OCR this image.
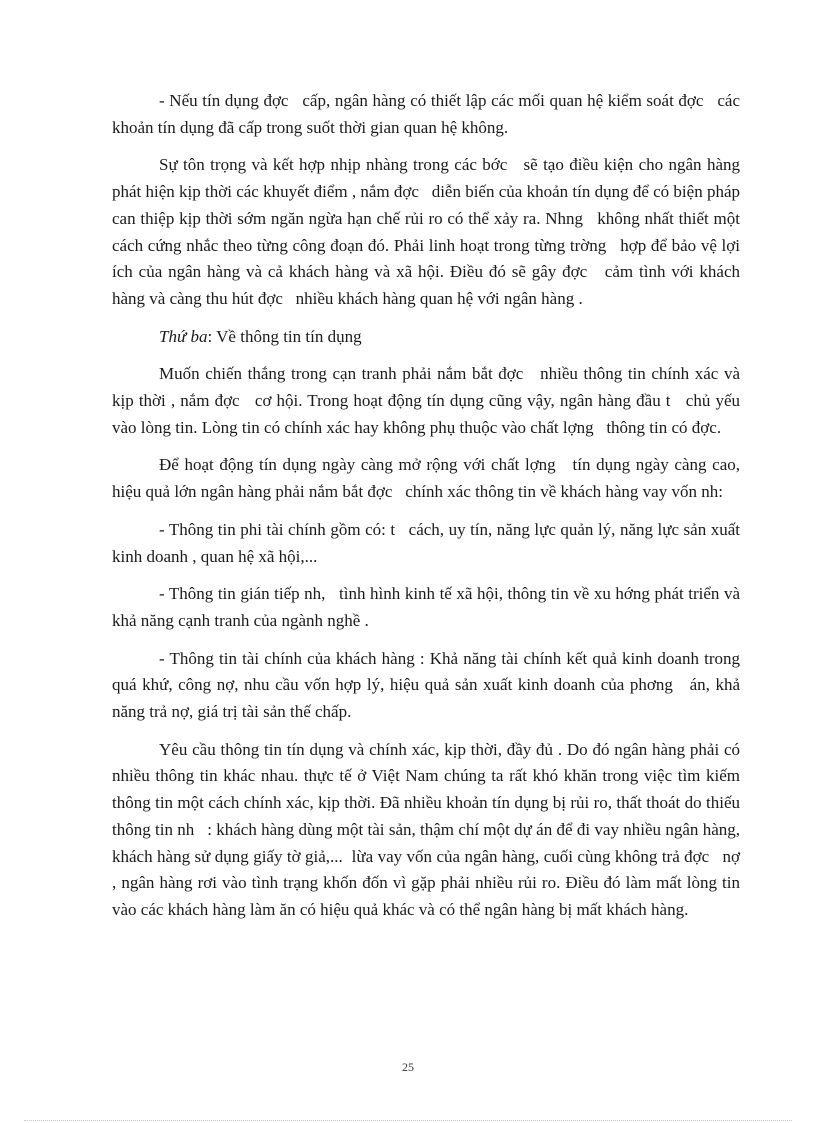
- Nếu tín dụng đợc   cấp, ngân hàng có thiết lập các mối quan hệ kiểm soát đợc   các khoản tín dụng đã cấp trong suốt thời gian quan hệ không.

Sự tôn trọng và kết hợp nhịp nhàng trong các bớc   sẽ tạo điều kiện cho ngân hàng phát hiện kịp thời các khuyết điểm , nắm đợc   diễn biến của khoản tín dụng để có biện pháp can thiệp kịp thời sớm ngăn ngừa hạn chế rủi ro có thể xảy ra. Nhng   không nhất thiết một cách cứng nhắc theo từng công đoạn đó. Phải linh hoạt trong từng trờng   hợp để bảo vệ lợi ích của ngân hàng và cả khách hàng và xã hội. Điều đó sẽ gây đợc   cảm tình với khách hàng và càng thu hút đợc   nhiều khách hàng quan hệ với ngân hàng .

Thứ ba: Về thông tin tín dụng

Muốn chiến thắng trong cạn tranh phải nắm bắt đợc   nhiều thông tin chính xác và kịp thời , nắm đợc   cơ hội. Trong hoạt động tín dụng cũng vậy, ngân hàng đầu t   chủ yếu vào lòng tin. Lòng tin có chính xác hay không phụ thuộc vào chất lợng   thông tin có đợc.

Để hoạt động tín dụng ngày càng mở rộng với chất lợng   tín dụng ngày càng cao, hiệu quả lớn ngân hàng phải nắm bắt đợc   chính xác thông tin về khách hàng vay vốn nh:

- Thông tin phi tài chính gồm có: t   cách, uy tín, năng lực quản lý, năng lực sản xuất kinh doanh , quan hệ xã hội,...

- Thông tin gián tiếp nh,   tình hình kinh tế xã hội, thông tin về xu hớng phát triển và khả năng cạnh tranh của ngành nghề .

- Thông tin tài chính của khách hàng : Khả năng tài chính kết quả kinh doanh trong quá khứ, công nợ, nhu cầu vốn hợp lý, hiệu quả sản xuất kinh doanh của phơng   án, khả năng trả nợ, giá trị tài sản thế chấp.

Yêu cầu thông tin tín dụng và chính xác, kịp thời, đầy đủ . Do đó ngân hàng phải có nhiều thông tin khác nhau. thực tế ở Việt Nam chúng ta rất khó khăn trong việc tìm kiếm thông tin một cách chính xác, kịp thời. Đã nhiều khoản tín dụng bị rủi ro, thất thoát do thiếu thông tin nh   : khách hàng dùng một tài sản, thậm chí một dự án để đi vay nhiều ngân hàng, khách hàng sử dụng giấy tờ giả,...  lừa vay vốn của ngân hàng, cuối cùng không trả đợc   nợ , ngân hàng rơi vào tình trạng khốn đốn vì gặp phải nhiều rủi ro. Điều đó làm mất lòng tin vào các khách hàng làm ăn có hiệu quả khác và có thể ngân hàng bị mất khách hàng.

25
